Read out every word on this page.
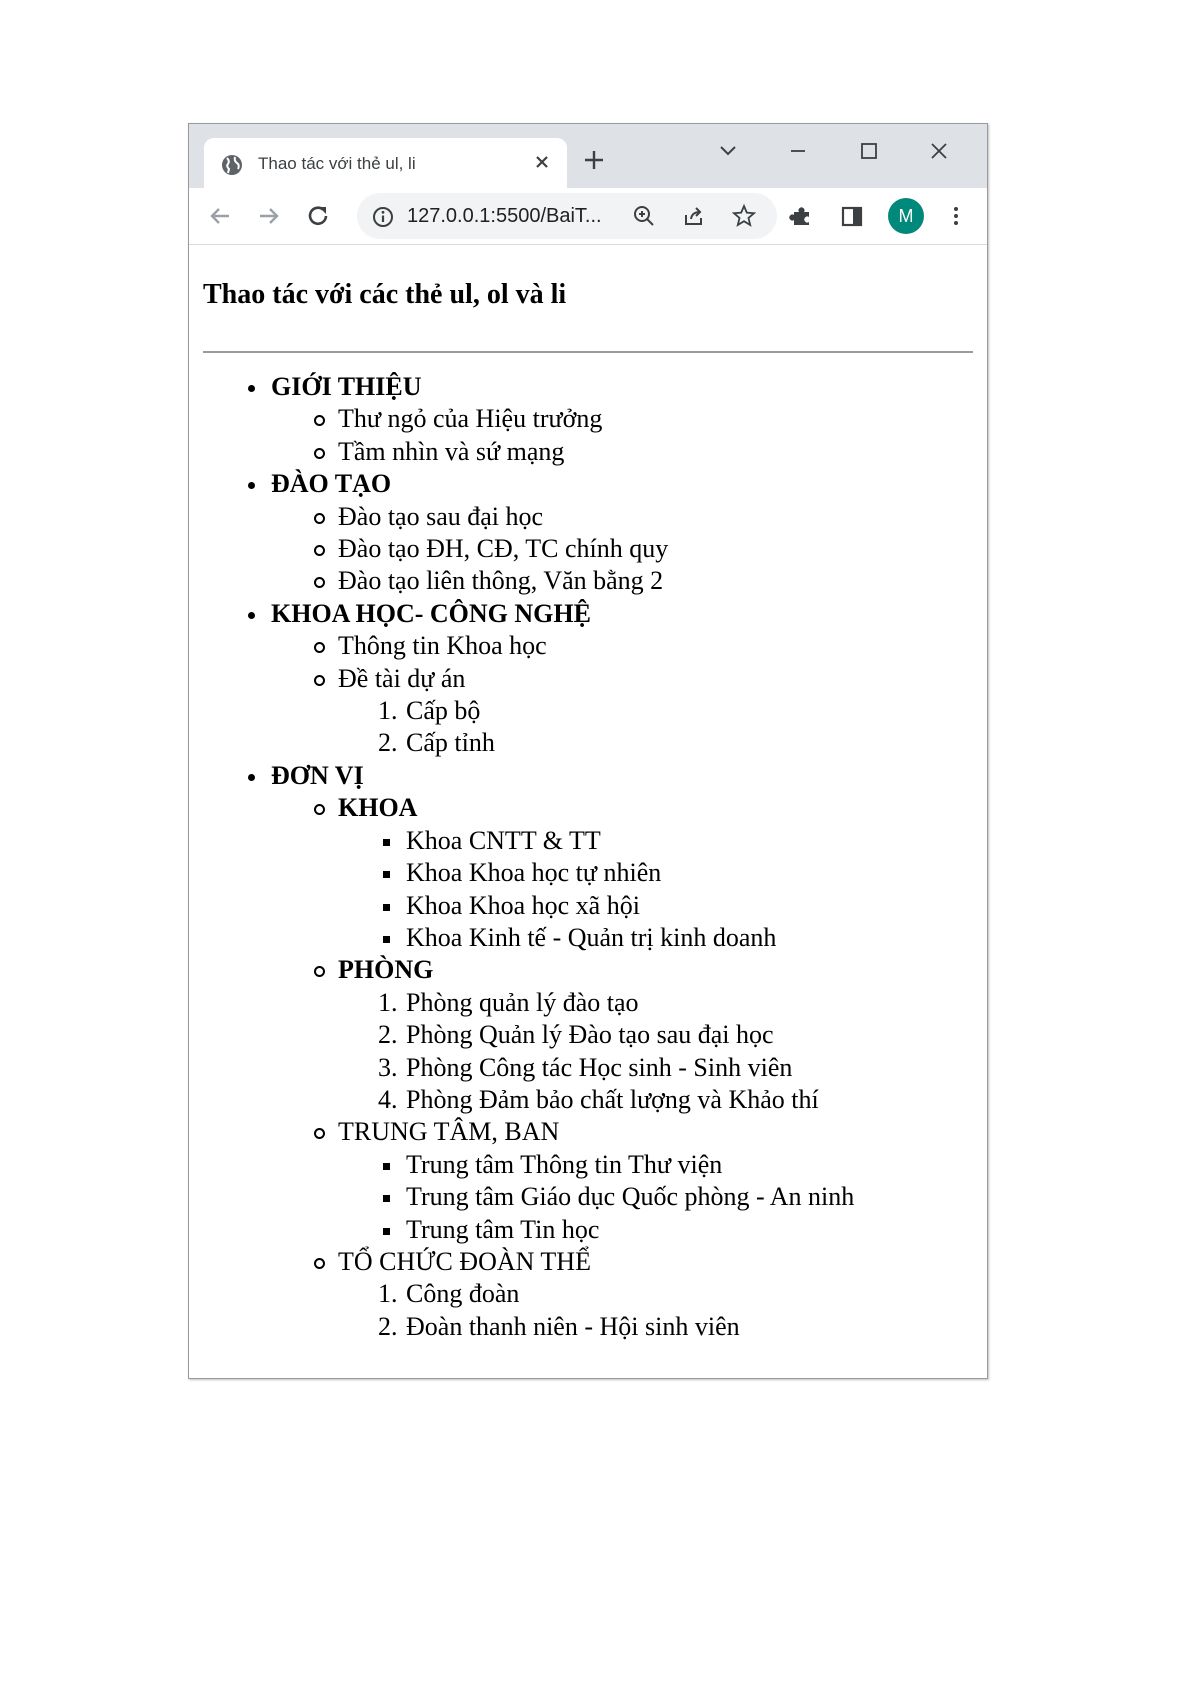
Thao tác với thẻ ul, li
127.0.0.1:5500/BaiT...	M
Thao tác với các thẻ ul, ol và li
GIỚI THIỆU
Thư ngỏ của Hiệu trưởng
Tầm nhìn và sứ mạng
ĐÀO TẠO
Đào tạo sau đại học
Đào tạo ĐH, CĐ, TC chính quy
Đào tạo liên thông, Văn bằng 2
KHOA HỌC- CÔNG NGHỆ
Thông tin Khoa học
Đề tài dự án
1. Cấp bộ
2. Cấp tỉnh
ĐƠN VỊ
KHOA
Khoa CNTT & TT
Khoa Khoa học tự nhiên
Khoa Khoa học xã hội
Khoa Kinh tế - Quản trị kinh doanh
PHÒNG
1. Phòng quản lý đào tạo
2. Phòng Quản lý Đào tạo sau đại học
3. Phòng Công tác Học sinh - Sinh viên
4. Phòng Đảm bảo chất lượng và Khảo thí
TRUNG TÂM, BAN
Trung tâm Thông tin Thư viện
Trung tâm Giáo dục Quốc phòng - An ninh
Trung tâm Tin học
TỔ CHỨC ĐOÀN THỂ
1. Công đoàn
2. Đoàn thanh niên - Hội sinh viên
